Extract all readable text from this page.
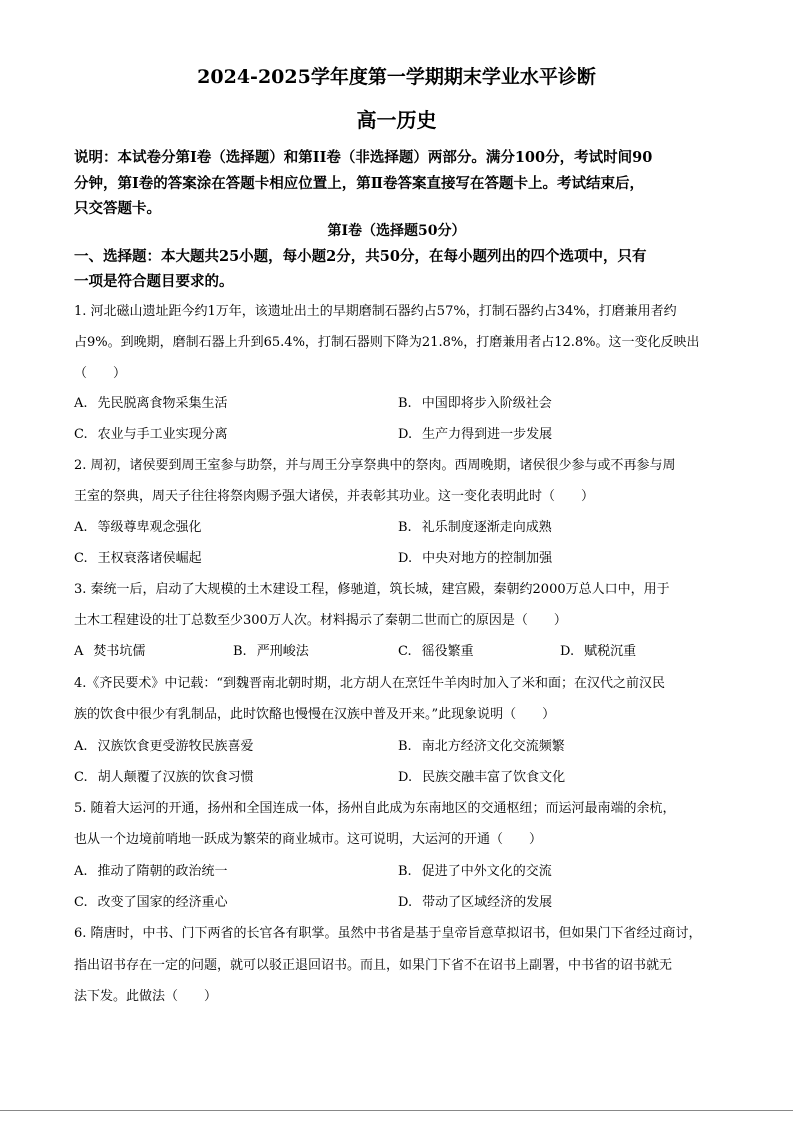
2024-2025学年度第一学期期末学业水平诊断
高一历史

说明：本试卷分第I卷（选择题）和第II卷（非选择题）两部分。满分100分，考试时间90

分钟，第I卷的答案涂在答题卡相应位置上，第Ⅱ卷答案直接写在答题卡上。考试结束后，

只交答题卡。

第Ⅰ卷（选择题50分）

一、选择题：本大题共25小题，每小题2分，共50分，在每小题列出的四个选项中，只有

一项是符合题目要求的。

1. 河北磁山遗址距今约1万年，该遗址出土的早期磨制石器约占57%，打制石器约占34%，打磨兼用者约

占9%。到晚期，磨制石器上升到65.4%，打制石器则下降为21.8%，打磨兼用者占12.8%。这一变化反映出

（　　）

A. 先民脱离食物采集生活	B. 中国即将步入阶级社会

C. 农业与手工业实现分离	D. 生产力得到进一步发展

2. 周初，诸侯要到周王室参与助祭，并与周王分享祭典中的祭肉。西周晚期，诸侯很少参与或不再参与周

王室的祭典，周天子往往将祭肉赐予强大诸侯，并表彰其功业。这一变化表明此时（　　）

A. 等级尊卑观念强化	B. 礼乐制度逐渐走向成熟

C. 王权衰落诸侯崛起	D. 中央对地方的控制加强

3. 秦统一后，启动了大规模的土木建设工程，修驰道，筑长城，建宫殿，秦朝约2000万总人口中，用于

土木工程建设的壮丁总数至少300万人次。材料揭示了秦朝二世而亡的原因是（　　）

A 焚书坑儒	B. 严刑峻法	C. 徭役繁重	D. 赋税沉重

4.《齐民要术》中记载：“到魏晋南北朝时期，北方胡人在烹饪牛羊肉时加入了米和面；在汉代之前汉民

族的饮食中很少有乳制品，此时饮酪也慢慢在汉族中普及开来。”此现象说明（　　）

A. 汉族饮食更受游牧民族喜爱	B. 南北方经济文化交流频繁

C. 胡人颠覆了汉族的饮食习惯	D. 民族交融丰富了饮食文化

5. 随着大运河的开通，扬州和全国连成一体，扬州自此成为东南地区的交通枢纽；而运河最南端的余杭，

也从一个边境前哨地一跃成为繁荣的商业城市。这可说明，大运河的开通（　　）

A. 推动了隋朝的政治统一	B. 促进了中外文化的交流

C. 改变了国家的经济重心	D. 带动了区域经济的发展

6. 隋唐时，中书、门下两省的长官各有职掌。虽然中书省是基于皇帝旨意草拟诏书，但如果门下省经过商讨，

指出诏书存在一定的问题，就可以驳正退回诏书。而且，如果门下省不在诏书上副署，中书省的诏书就无

法下发。此做法（　　）
